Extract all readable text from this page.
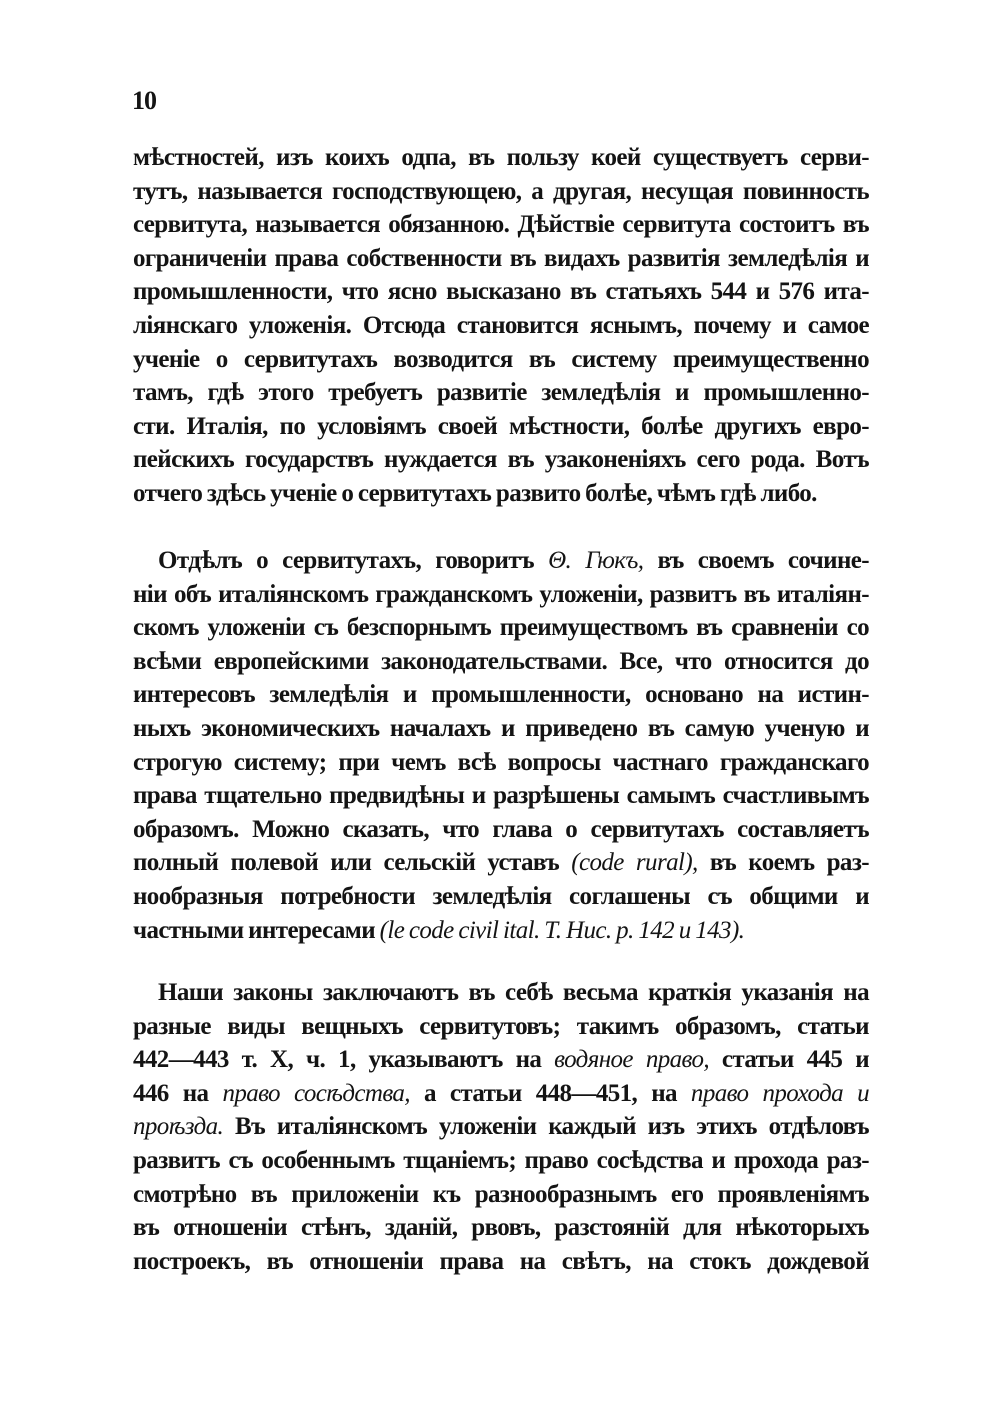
10
мѣстностей, изъ коихъ одпа, въ пользу коей существуетъ серви-
тутъ, называется господствующею, а другая, несущая повинность
сервитута, называется обязанною. Дѣйствіе сервитута состоитъ въ
ограниченіи права собственности въ видахъ развитія земледѣлія и
промышленности, что ясно высказано въ статьяхъ 544 и 576 ита-
ліянскаго уложенія. Отсюда становится яснымъ, почему и самое
ученіе о сервитутахъ возводится въ систему преимущественно
тамъ, гдѣ этого требуетъ развитіе земледѣлія и промышленно-
сти. Италія, по условіямъ своей мѣстности, болѣе другихъ евро-
пейскихъ государствъ нуждается въ узаконеніяхъ сего рода. Вотъ
отчего здѣсь ученіе о сервитутахъ развито болѣе, чѣмъ гдѣ либо.
Отдѣлъ о сервитутахъ, говоритъ Θ. Гюкъ, въ своемъ сочине-
ніи объ италіянскомъ гражданскомъ уложеніи, развитъ въ италіян-
скомъ уложеніи съ безспорнымъ преимуществомъ въ сравненіи со
всѣми европейскими законодательствами. Все, что относится до
интересовъ земледѣлія и промышленности, основано на истин-
ныхъ экономическихъ началахъ и приведено въ самую ученую и
строгую систему; при чемъ всѣ вопросы частнаго гражданскаго
права тщательно предвидѣны и разрѣшены самымъ счастливымъ
образомъ. Можно сказать, что глава о сервитутахъ составляетъ
полный полевой или сельскій уставъ (code rural), въ коемъ раз-
нообразныя потребности земледѣлія соглашены съ общими и
частными интересами (le code civil ital. T. Huc. p. 142 u 143).
Наши законы заключаютъ въ себѣ весьма краткія указанія на
разные виды вещныхъ сервитутовъ; такимъ образомъ, статьи
442—443 т. X, ч. 1, указываютъ на водяное право, статьи 445 и
446 на право сосѣдства, а статьи 448—451, на право прохода и
проѣзда. Въ италіянскомъ уложеніи каждый изъ этихъ отдѣловъ
развитъ съ особеннымъ тщаніемъ; право сосѣдства и прохода раз-
смотрѣно въ приложеніи къ разнообразнымъ его проявленіямъ
въ отношеніи стѣнъ, зданій, рвовъ, разстояній для нѣкоторыхъ
построекъ, въ отношеніи права на свѣтъ, на стокъ дождевой
